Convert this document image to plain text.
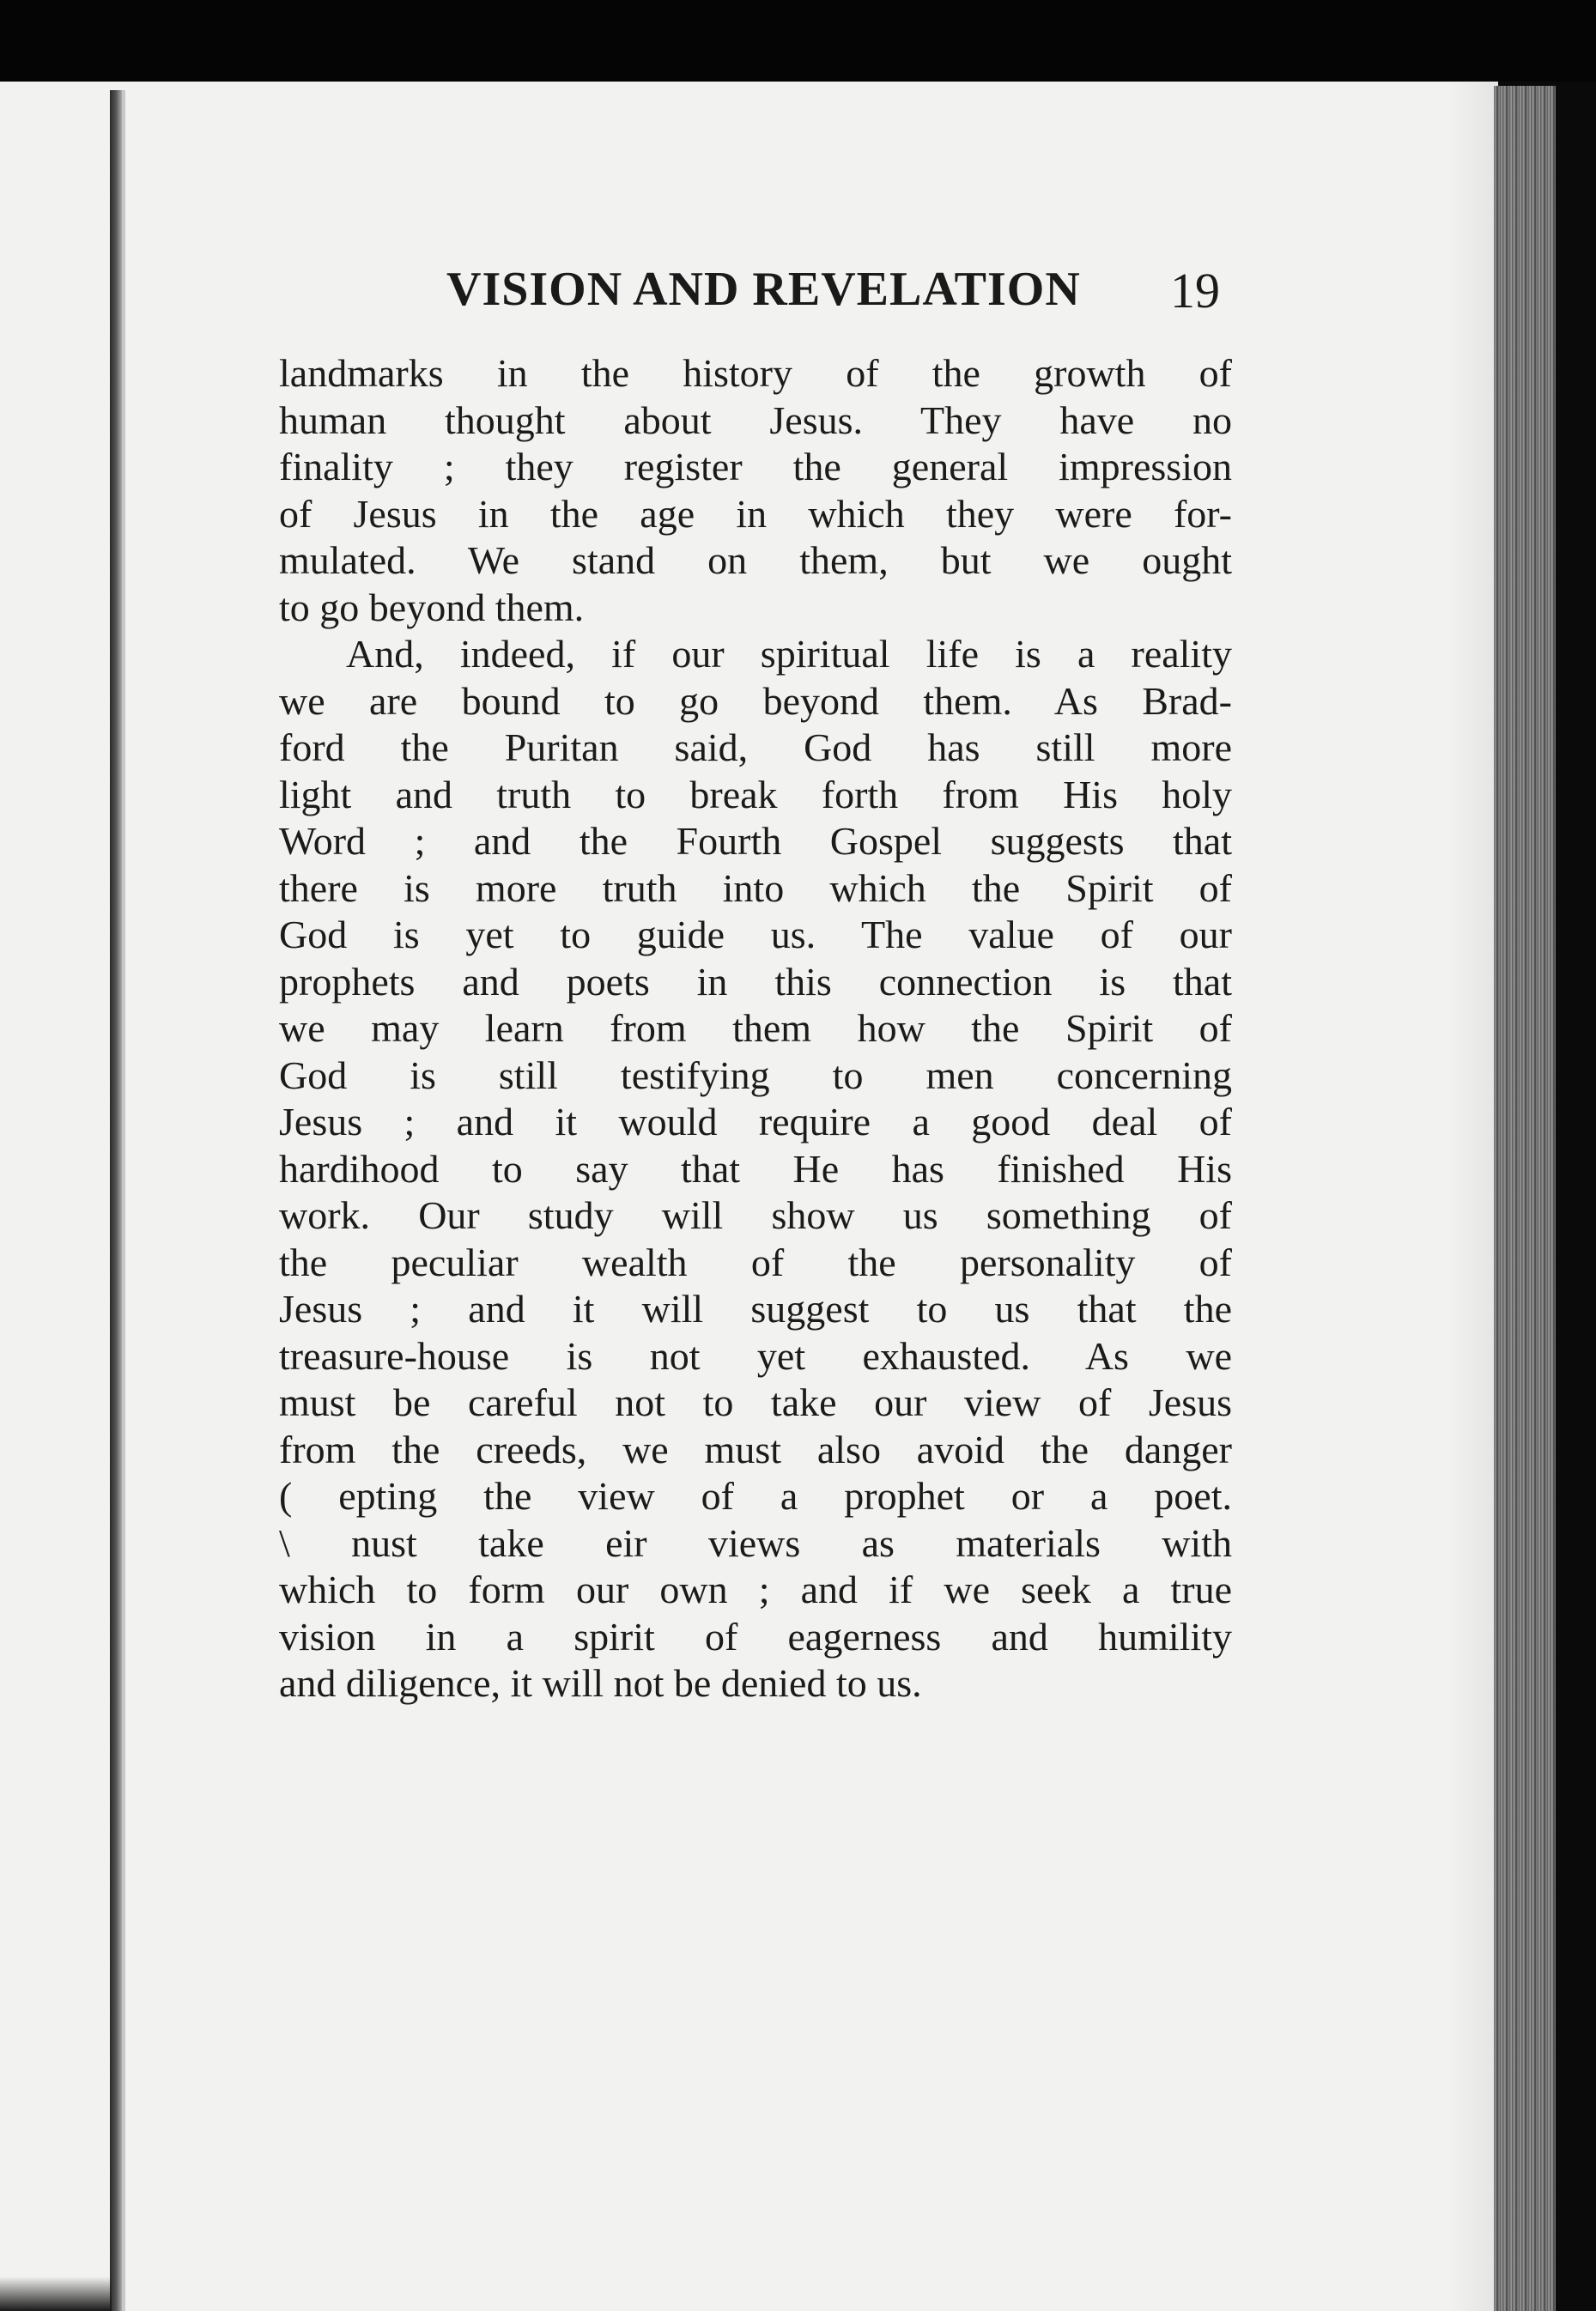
VISION AND REVELATION	19
landmarks in the history of the growth of
human thought about Jesus. They have no
finality ; they register the general impression
of Jesus in the age in which they were for-
mulated. We stand on them, but we ought
to go beyond them.
And, indeed, if our spiritual life is a reality
we are bound to go beyond them. As Brad-
ford the Puritan said, God has still more
light and truth to break forth from His holy
Word ; and the Fourth Gospel suggests that
there is more truth into which the Spirit of
God is yet to guide us. The value of our
prophets and poets in this connection is that
we may learn from them how the Spirit of
God is still testifying to men concerning
Jesus ; and it would require a good deal of
hardihood to say that He has finished His
work. Our study will show us something of
the peculiar wealth of the personality of
Jesus ; and it will suggest to us that the
treasure-house is not yet exhausted. As we
must be careful not to take our view of Jesus
from the creeds, we must also avoid the danger
( epting the view of a prophet or a poet.
\ nust take eir views as materials with
which to form our own ; and if we seek a true
vision in a spirit of eagerness and humility
and diligence, it will not be denied to us.
